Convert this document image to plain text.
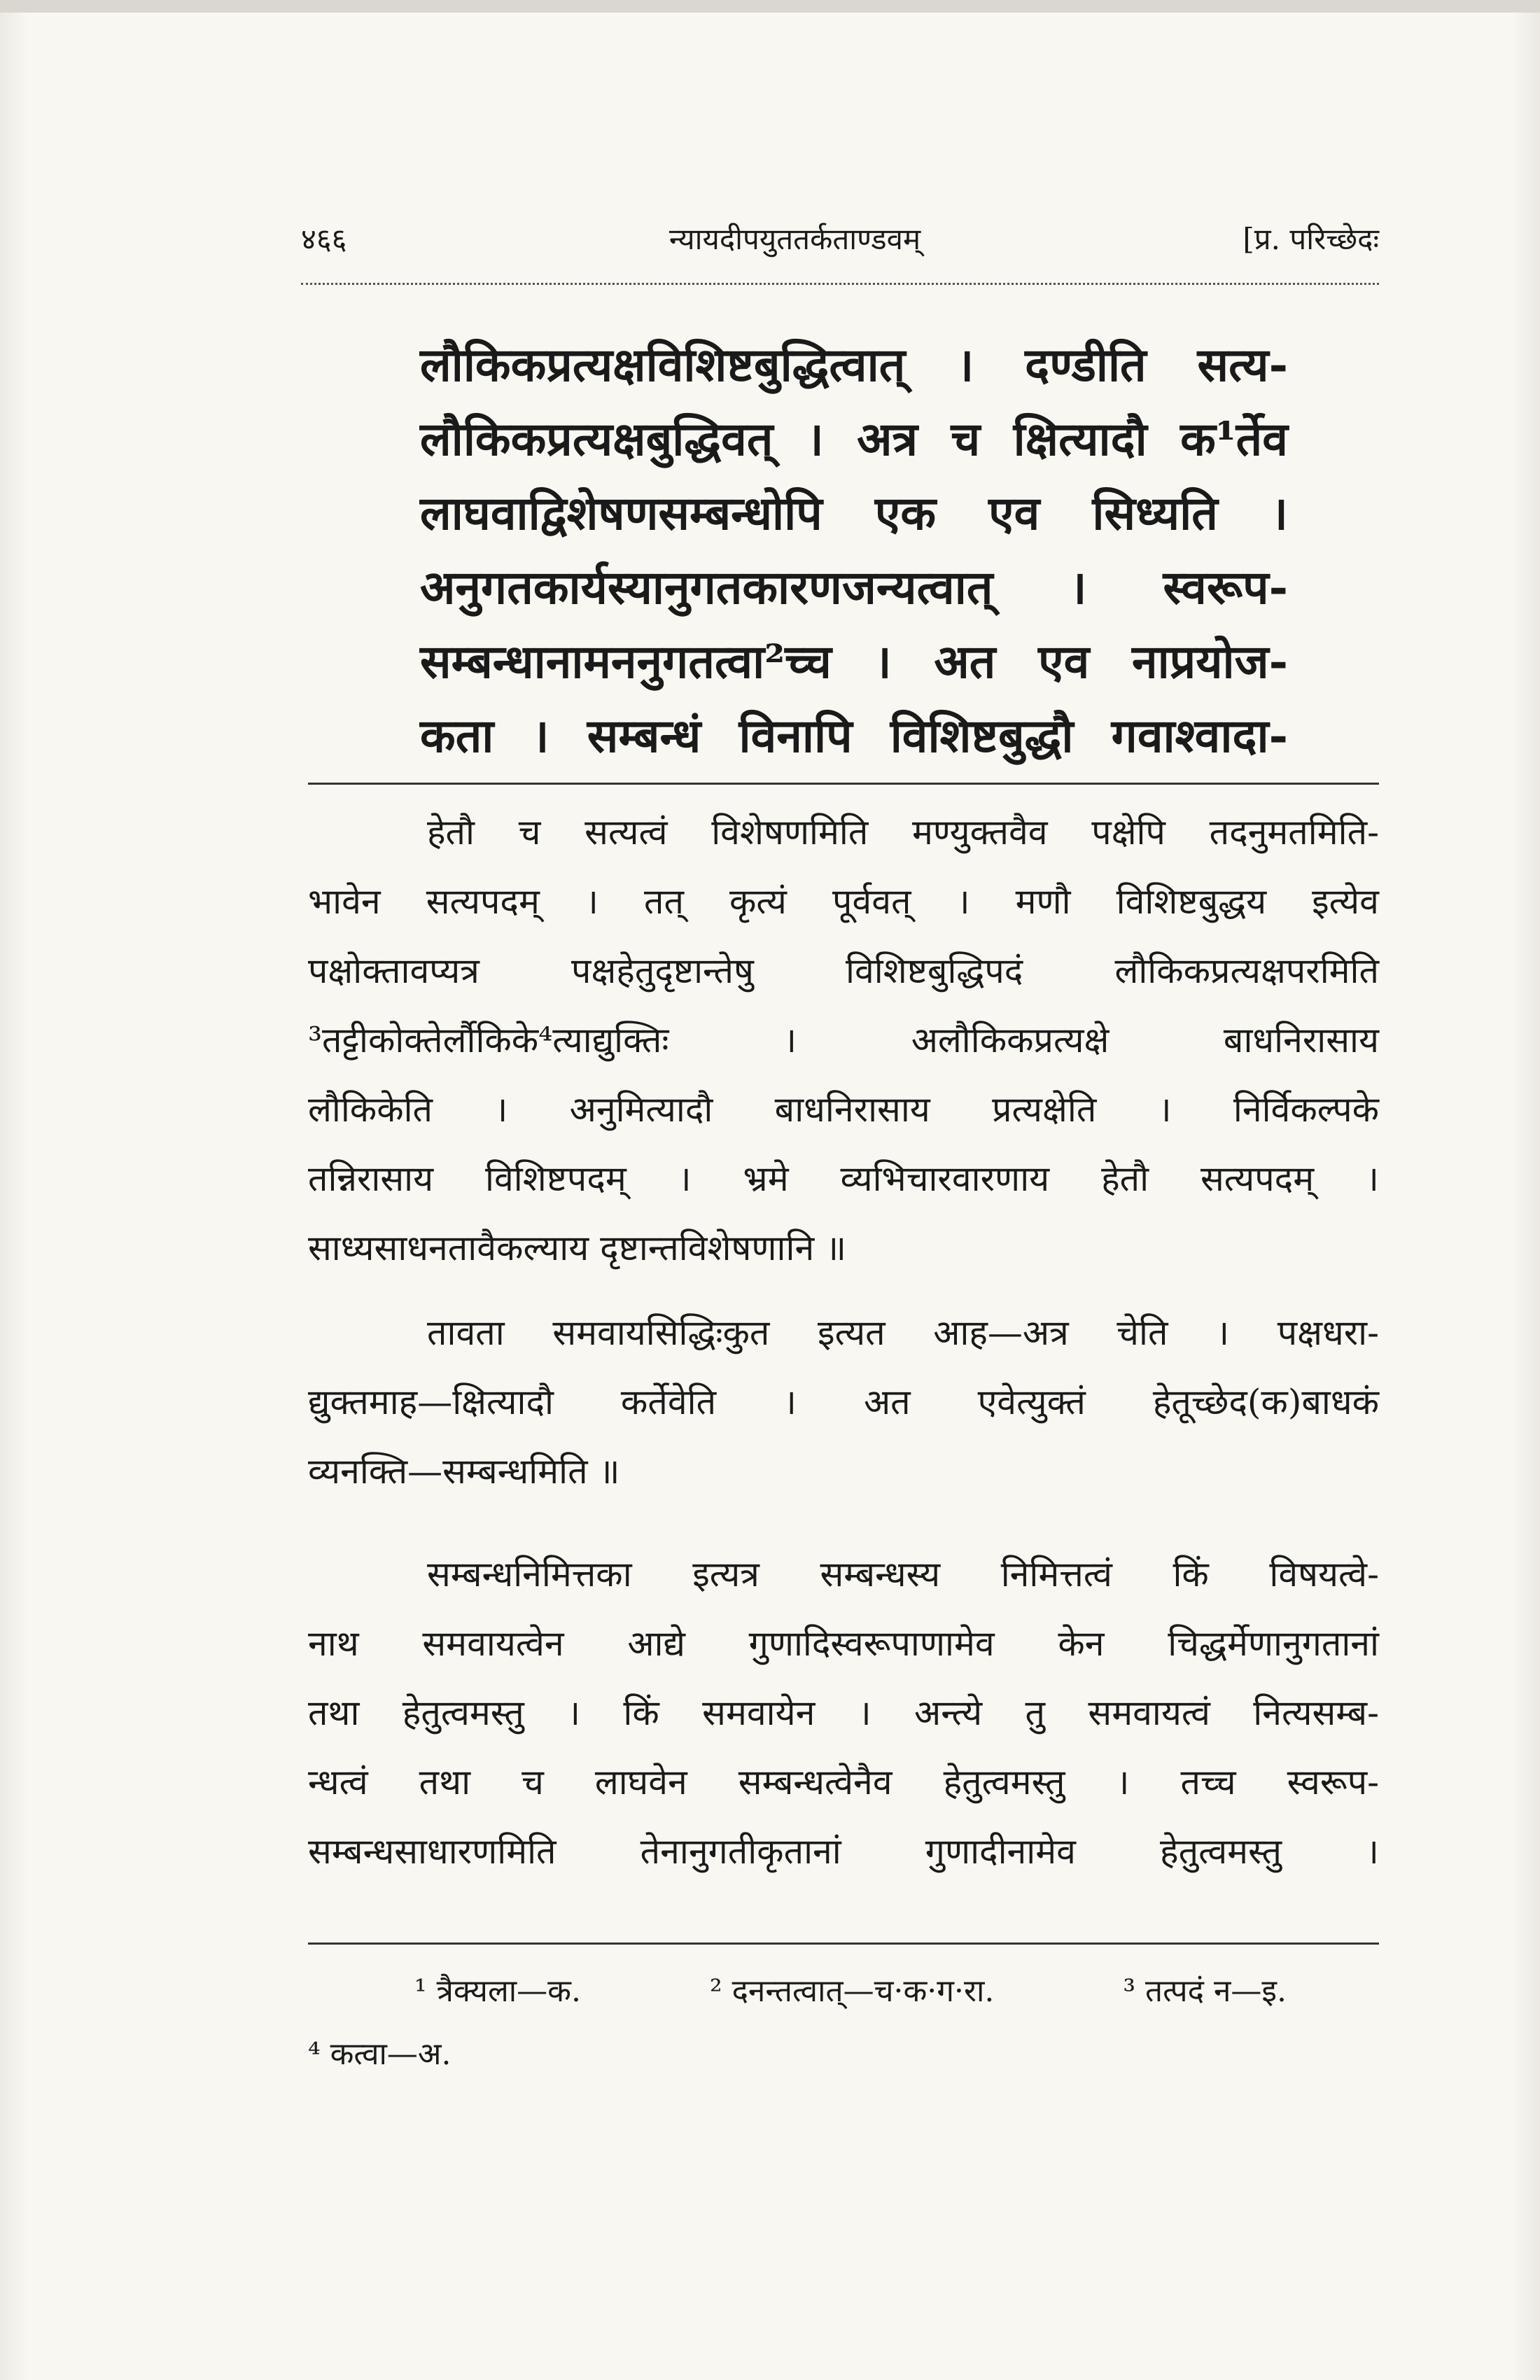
४६६	न्यायदीपयुततर्कताण्डवम्	[प्र. परिच्छेदः
लौकिकप्रत्यक्षविशिष्टबुद्धित्वात् । दण्डीति सत्य-
लौकिकप्रत्यक्षबुद्धिवत् । अत्र च क्षित्यादौ क¹र्तेव
लाघवाद्विशेषणसम्बन्धोपि एक एव सिध्यति ।
अनुगतकार्यस्यानुगतकारणजन्यत्वात् । स्वरूप-
सम्बन्धानामननुगतत्वा²च्च । अत एव नाप्रयोज-
कता । सम्बन्धं विनापि विशिष्टबुद्धौ गवाश्वादा-
हेतौ च सत्यत्वं विशेषणमिति मण्युक्तवैव पक्षेपि तदनुमतमिति-
भावेन सत्यपदम् । तत् कृत्यं पूर्ववत् । मणौ विशिष्टबुद्धय इत्येव
पक्षोक्तावप्यत्र पक्षहेतुदृष्टान्तेषु विशिष्टबुद्धिपदं लौकिकप्रत्यक्षपरमिति
³तट्टीकोक्तेर्लौकिके⁴त्याद्युक्तिः । अलौकिकप्रत्यक्षे बाधनिरासाय
लौकिकेति । अनुमित्यादौ बाधनिरासाय प्रत्यक्षेति । निर्विकल्पके
तन्निरासाय विशिष्टपदम् । भ्रमे व्यभिचारवारणाय हेतौ सत्यपदम् ।
साध्यसाधनतावैकल्याय दृष्टान्तविशेषणानि ॥
तावता समवायसिद्धिःकुत इत्यत आह—अत्र चेति । पक्षधरा-
द्युक्तमाह—क्षित्यादौ कर्तेवेति । अत एवेत्युक्तं हेतूच्छेद(क)बाधकं
व्यनक्ति—सम्बन्धमिति ॥
सम्बन्धनिमित्तका इत्यत्र सम्बन्धस्य निमित्तत्वं किं विषयत्वे-
नाथ समवायत्वेन आद्ये गुणादिस्वरूपाणामेव केन चिद्धर्मेणानुगतानां
तथा हेतुत्वमस्तु । किं समवायेन । अन्त्ये तु समवायत्वं नित्यसम्ब-
न्धत्वं तथा च लाघवेन सम्बन्धत्वेनैव हेतुत्वमस्तु । तच्च स्वरूप-
सम्बन्धसाधारणमिति तेनानुगतीकृतानां गुणादीनामेव हेतुत्वमस्तु ।
¹ त्रैक्यला—क.	² दनन्तत्वात्—च·क·ग·रा.	³ तत्पदं न—इ.
⁴ कत्वा—अ.
